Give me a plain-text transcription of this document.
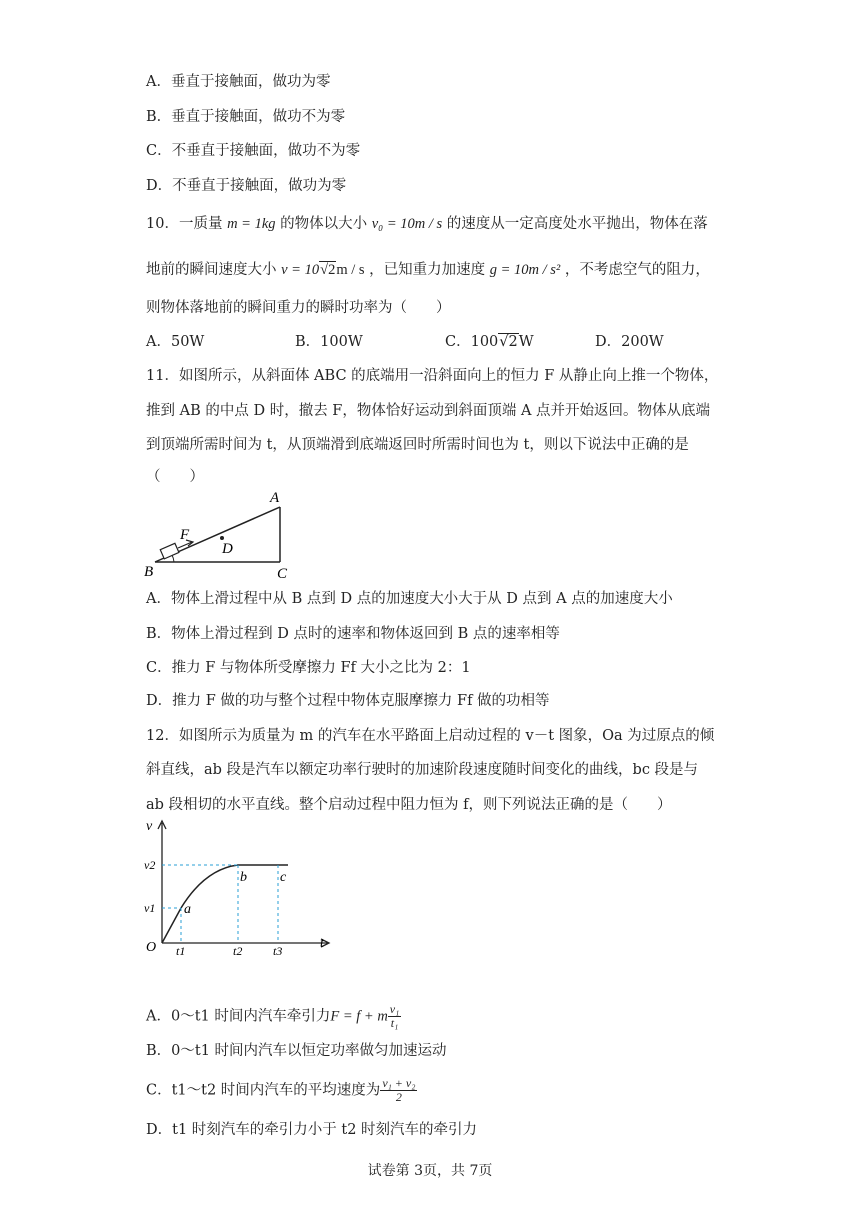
A．垂直于接触面，做功为零
B．垂直于接触面，做功不为零
C．不垂直于接触面，做功不为零
D．不垂直于接触面，做功为零
10．一质量 m = 1kg 的物体以大小 v₀ = 10m / s 的速度从一定高度处水平抛出，物体在落
地前的瞬间速度大小 v = 10√2m / s ，已知重力加速度 g = 10m / s² ，不考虑空气的阻力，
则物体落地前的瞬间重力的瞬时功率为（　　）
A．50W	B．100W	C．100√2W	D．200W
11．如图所示，从斜面体 ABC 的底端用一沿斜面向上的恒力 F 从静止向上推一个物体，
推到 AB 的中点 D 时，撤去 F，物体恰好运动到斜面顶端 A 点并开始返回。物体从底端
到顶端所需时间为 t，从顶端滑到底端返回时所需时间也为 t，则以下说法中正确的是
（　　）
A
B	C
D
F
A．物体上滑过程中从 B 点到 D 点的加速度大小大于从 D 点到 A 点的加速度大小
B．物体上滑过程到 D 点时的速率和物体返回到 B 点的速率相等
C．推力 F 与物体所受摩擦力 Ff 大小之比为 2：1
D．推力 F 做的功与整个过程中物体克服摩擦力 Ff 做的功相等
12．如图所示为质量为 m 的汽车在水平路面上启动过程的 v－t 图象，Oa 为过原点的倾
斜直线，ab 段是汽车以额定功率行驶时的加速阶段速度随时间变化的曲线，bc 段是与
ab 段相切的水平直线。整个启动过程中阻力恒为 f，则下列说法正确的是（　　）
v
t
O
v2
v1
t1	t2	t3
a
b c
A．0～t1 时间内汽车牵引力F = f + m $\frac{\text{v₁}}{\text{t₁}}$
B．0～t1 时间内汽车以恒定功率做匀加速运动
C．t1～t2 时间内汽车的平均速度为 $\frac{\text{v₁ + v₂}}{2}$
D．t1 时刻汽车的牵引力小于 t2 时刻汽车的牵引力
试卷第 3页，共 7页
